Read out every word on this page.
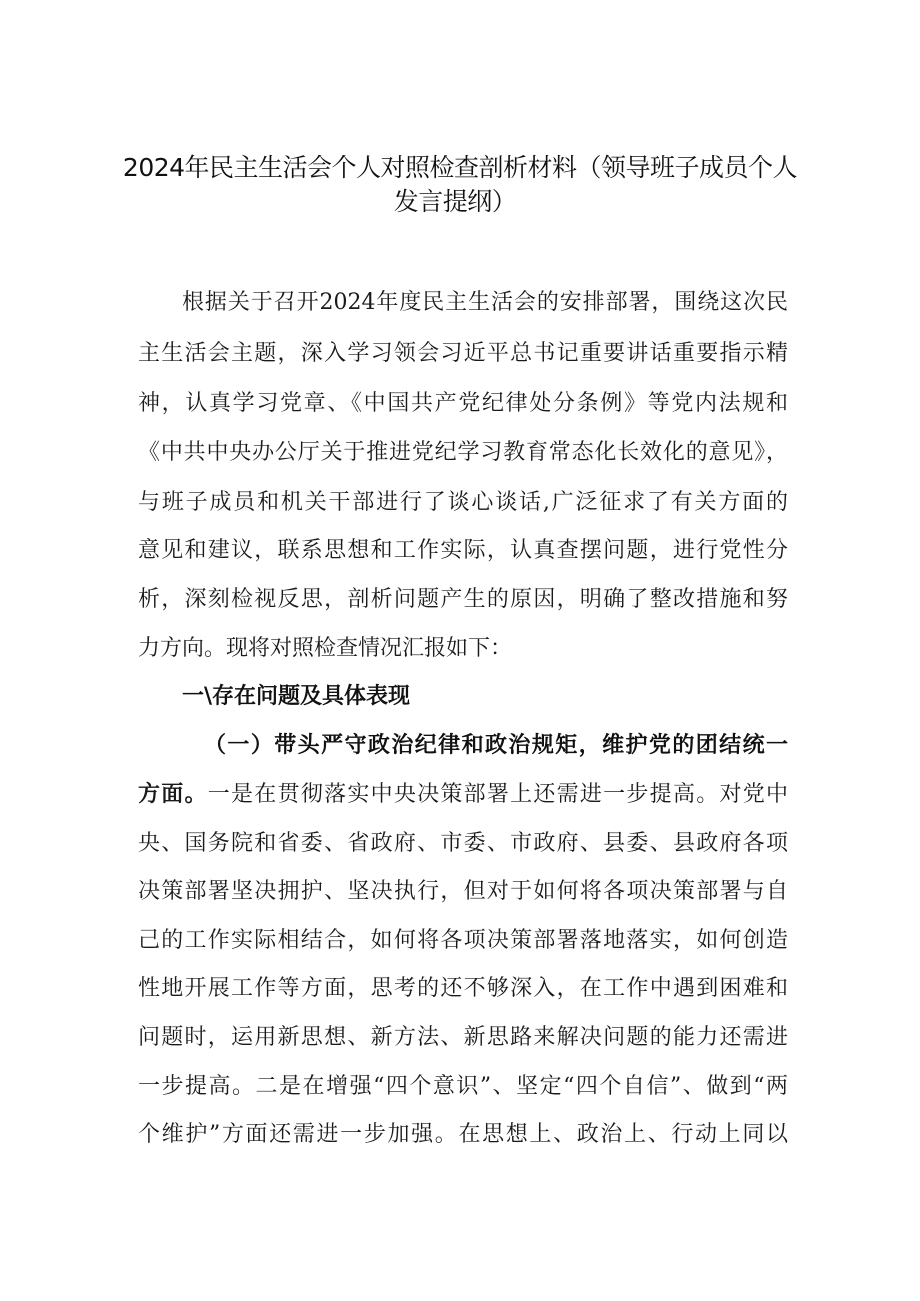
2024年民主生活会个人对照检查剖析材料（领导班子成员个人
发言提纲）
根据关于召开2024年度民主生活会的安排部署，围绕这次民
主生活会主题，深入学习领会习近平总书记重要讲话重要指示精
神，认真学习党章、《中国共产党纪律处分条例》等党内法规和
《中共中央办公厅关于推进党纪学习教育常态化长效化的意见》，
与班子成员和机关干部进行了谈心谈话,广泛征求了有关方面的
意见和建议，联系思想和工作实际，认真查摆问题，进行党性分
析，深刻检视反思，剖析问题产生的原因，明确了整改措施和努
力方向。现将对照检查情况汇报如下：
一\存在问题及具体表现
（一）带头严守政治纪律和政治规矩，维护党的团结统一
方面。一是在贯彻落实中央决策部署上还需进一步提高。对党中
央、国务院和省委、省政府、市委、市政府、县委、县政府各项
决策部署坚决拥护、坚决执行，但对于如何将各项决策部署与自
己的工作实际相结合，如何将各项决策部署落地落实，如何创造
性地开展工作等方面，思考的还不够深入，在工作中遇到困难和
问题时，运用新思想、新方法、新思路来解决问题的能力还需进
一步提高。二是在增强“四个意识”、坚定“四个自信”、做到“两
个维护”方面还需进一步加强。在思想上、政治上、行动上同以
